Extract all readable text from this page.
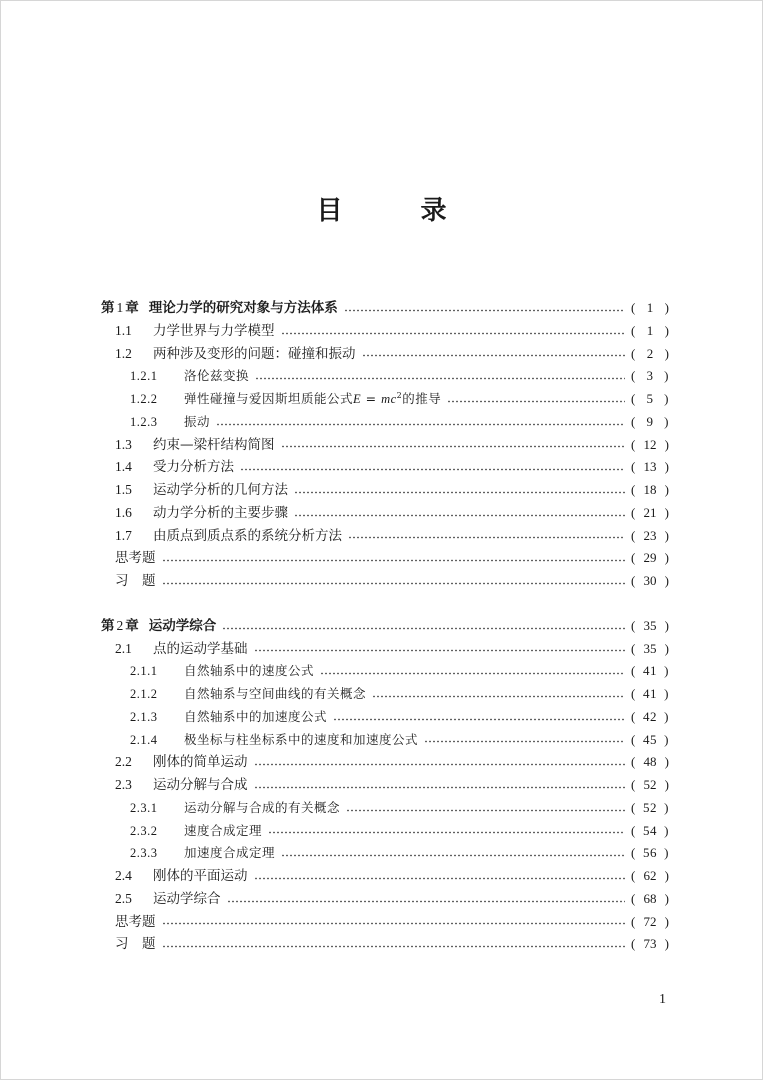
目　录
第 1 章 理论力学的研究对象与方法体系	( 1 )
1.1	力学世界与力学模型	( 1 )
1.2	两种涉及变形的问题：碰撞和振动	( 2 )
1.2.1	洛伦兹变换	( 3 )
1.2.2	弹性碰撞与爱因斯坦质能公式$E = mc^2$的推导	( 5 )
1.2.3	振动	( 9 )
1.3	约束—梁杆结构简图	( 12 )
1.4	受力分析方法	( 13 )
1.5	运动学分析的几何方法	( 18 )
1.6	动力学分析的主要步骤	( 21 )
1.7	由质点到质点系的系统分析方法	( 23 )
思考题	( 29 )
习　题	( 30 )
第 2 章 运动学综合	( 35 )
2.1	点的运动学基础	( 35 )
2.1.1	自然轴系中的速度公式	( 41 )
2.1.2	自然轴系与空间曲线的有关概念	( 41 )
2.1.3	自然轴系中的加速度公式	( 42 )
2.1.4	极坐标与柱坐标系中的速度和加速度公式	( 45 )
2.2	刚体的简单运动	( 48 )
2.3	运动分解与合成	( 52 )
2.3.1	运动分解与合成的有关概念	( 52 )
2.3.2	速度合成定理	( 54 )
2.3.3	加速度合成定理	( 56 )
2.4	刚体的平面运动	( 62 )
2.5	运动学综合	( 68 )
思考题	( 72 )
习　题	( 73 )
1
